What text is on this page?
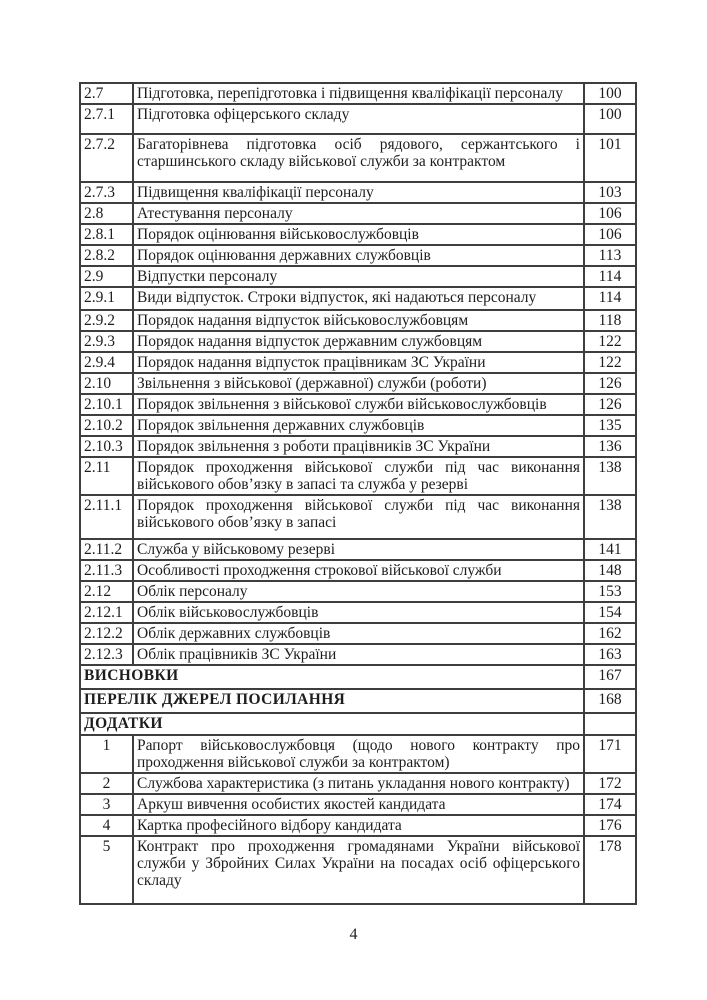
2.7	Підготовка, перепідготовка і підвищення кваліфікації персоналу	100
2.7.1	Підготовка офіцерського складу	100
2.7.2	Багаторівнева підготовка осіб рядового, сержантського і старшинського складу військової служби за контрактом	101
2.7.3	Підвищення кваліфікації персоналу	103
2.8	Атестування персоналу	106
2.8.1	Порядок оцінювання військовослужбовців	106
2.8.2	Порядок оцінювання державних службовців	113
2.9	Відпустки персоналу	114
2.9.1	Види відпусток. Строки відпусток, які надаються персоналу	114
2.9.2	Порядок надання відпусток військовослужбовцям	118
2.9.3	Порядок надання відпусток державним службовцям	122
2.9.4	Порядок надання відпусток працівникам ЗС України	122
2.10	Звільнення з військової (державної) служби (роботи)	126
2.10.1	Порядок звільнення з військової служби військовослужбовців	126
2.10.2	Порядок звільнення державних службовців	135
2.10.3	Порядок звільнення з роботи працівників ЗС України	136
2.11	Порядок проходження військової служби під час виконання військового обов’язку в запасі та служба у резерві	138
2.11.1	Порядок проходження військової служби під час виконання військового обов’язку в запасі	138
2.11.2	Служба у військовому резерві	141
2.11.3	Особливості проходження строкової військової служби	148
2.12	Облік персоналу	153
2.12.1	Облік військовослужбовців	154
2.12.2	Облік державних службовців	162
2.12.3	Облік працівників ЗС України	163
ВИСНОВКИ		167
ПЕРЕЛІК ДЖЕРЕЛ ПОСИЛАННЯ		168
ДОДАТКИ		
1	Рапорт військовослужбовця (щодо нового контракту про проходження військової служби за контрактом)	171
2	Службова характеристика (з питань укладання нового контракту)	172
3	Аркуш вивчення особистих якостей кандидата	174
4	Картка професійного відбору кандидата	176
5	Контракт про проходження громадянами України військової служби у Збройних Силах України на посадах осіб офіцерського складу	178
4
